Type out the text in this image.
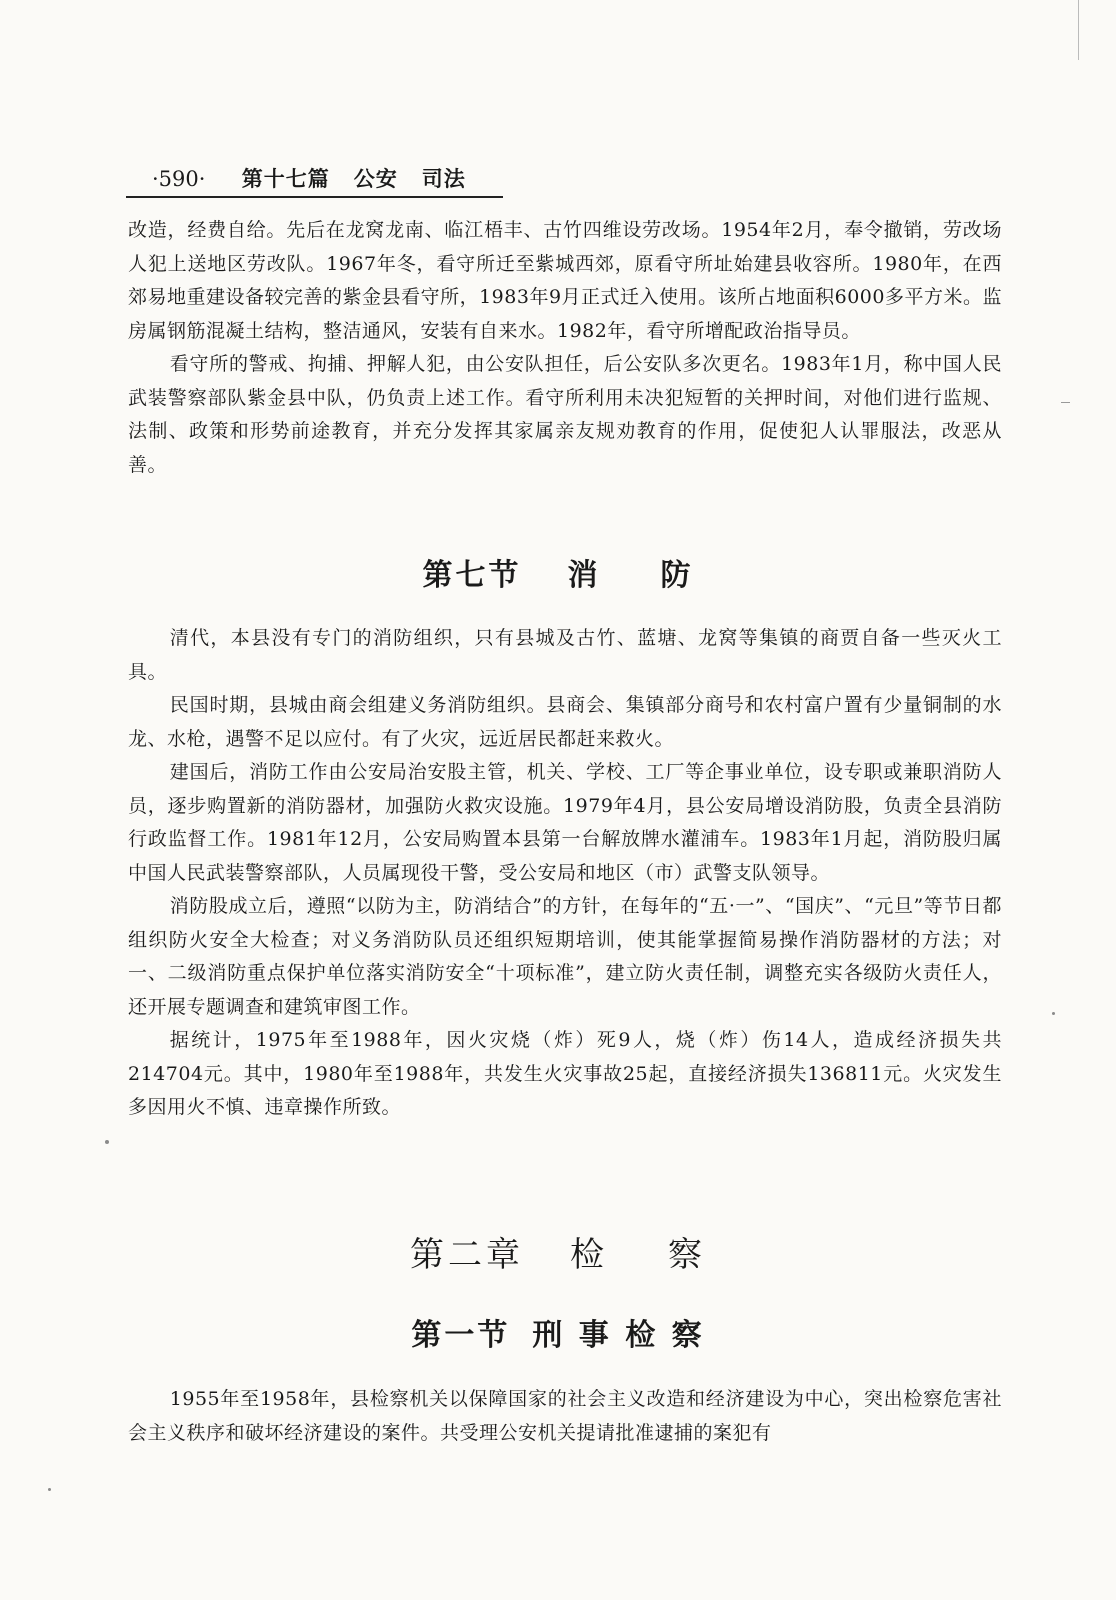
·590· 第十七篇 公安 司法

改造，经费自给。先后在龙窝龙南、临江梧丰、古竹四维设劳改场。1954年2月，奉令撤销，劳改场人犯上送地区劳改队。1967年冬，看守所迁至紫城西郊，原看守所址始建县收容所。1980年，在西郊易地重建设备较完善的紫金县看守所，1983年9月正式迁入使用。该所占地面积6000多平方米。监房属钢筋混凝土结构，整洁通风，安装有自来水。1982年，看守所增配政治指导员。

看守所的警戒、拘捕、押解人犯，由公安队担任，后公安队多次更名。1983年1月，称中国人民武装警察部队紫金县中队，仍负责上述工作。看守所利用未决犯短暂的关押时间，对他们进行监规、法制、政策和形势前途教育，并充分发挥其家属亲友规劝教育的作用，促使犯人认罪服法，改恶从善。

第七节 消 防

清代，本县没有专门的消防组织，只有县城及古竹、蓝塘、龙窝等集镇的商贾自备一些灭火工具。

民国时期，县城由商会组建义务消防组织。县商会、集镇部分商号和农村富户置有少量铜制的水龙、水枪，遇警不足以应付。有了火灾，远近居民都赶来救火。

建国后，消防工作由公安局治安股主管，机关、学校、工厂等企事业单位，设专职或兼职消防人员，逐步购置新的消防器材，加强防火救灾设施。1979年4月，县公安局增设消防股，负责全县消防行政监督工作。1981年12月，公安局购置本县第一台解放牌水灌浦车。1983年1月起，消防股归属中国人民武装警察部队，人员属现役干警，受公安局和地区（市）武警支队领导。

消防股成立后，遵照“以防为主，防消结合”的方针，在每年的“五·一”、“国庆”、“元旦”等节日都组织防火安全大检查；对义务消防队员还组织短期培训，使其能掌握简易操作消防器材的方法；对一、二级消防重点保护单位落实消防安全“十项标准”，建立防火责任制，调整充实各级防火责任人，还开展专题调查和建筑审图工作。

据统计，1975年至1988年，因火灾烧（炸）死9人，烧（炸）伤14人，造成经济损失共214704元。其中，1980年至1988年，共发生火灾事故25起，直接经济损失136811元。火灾发生多因用火不慎、违章操作所致。

第二章 检 察
第一节 刑 事 检 察

1955年至1958年，县检察机关以保障国家的社会主义改造和经济建设为中心，突出检察危害社会主义秩序和破坏经济建设的案件。共受理公安机关提请批准逮捕的案犯有
